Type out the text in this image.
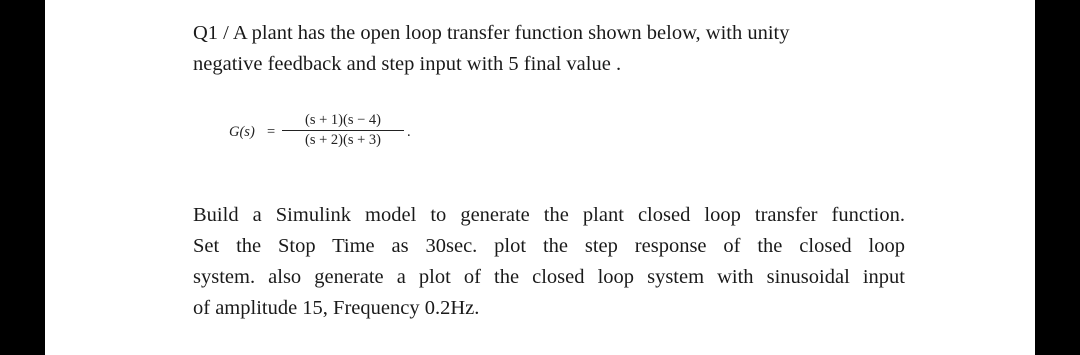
Q1 / A plant has the open loop transfer function shown below, with unity
negative feedback and step input with 5 final value .
G(s) =
(s + 1)(s − 4)
(s + 2)(s + 3)	.
Build a Simulink model to generate the plant closed loop transfer function.
Set the Stop Time as 30sec. plot the step response of the closed loop
system. also generate a plot of the closed loop system with sinusoidal input
of amplitude 15, Frequency 0.2Hz.
